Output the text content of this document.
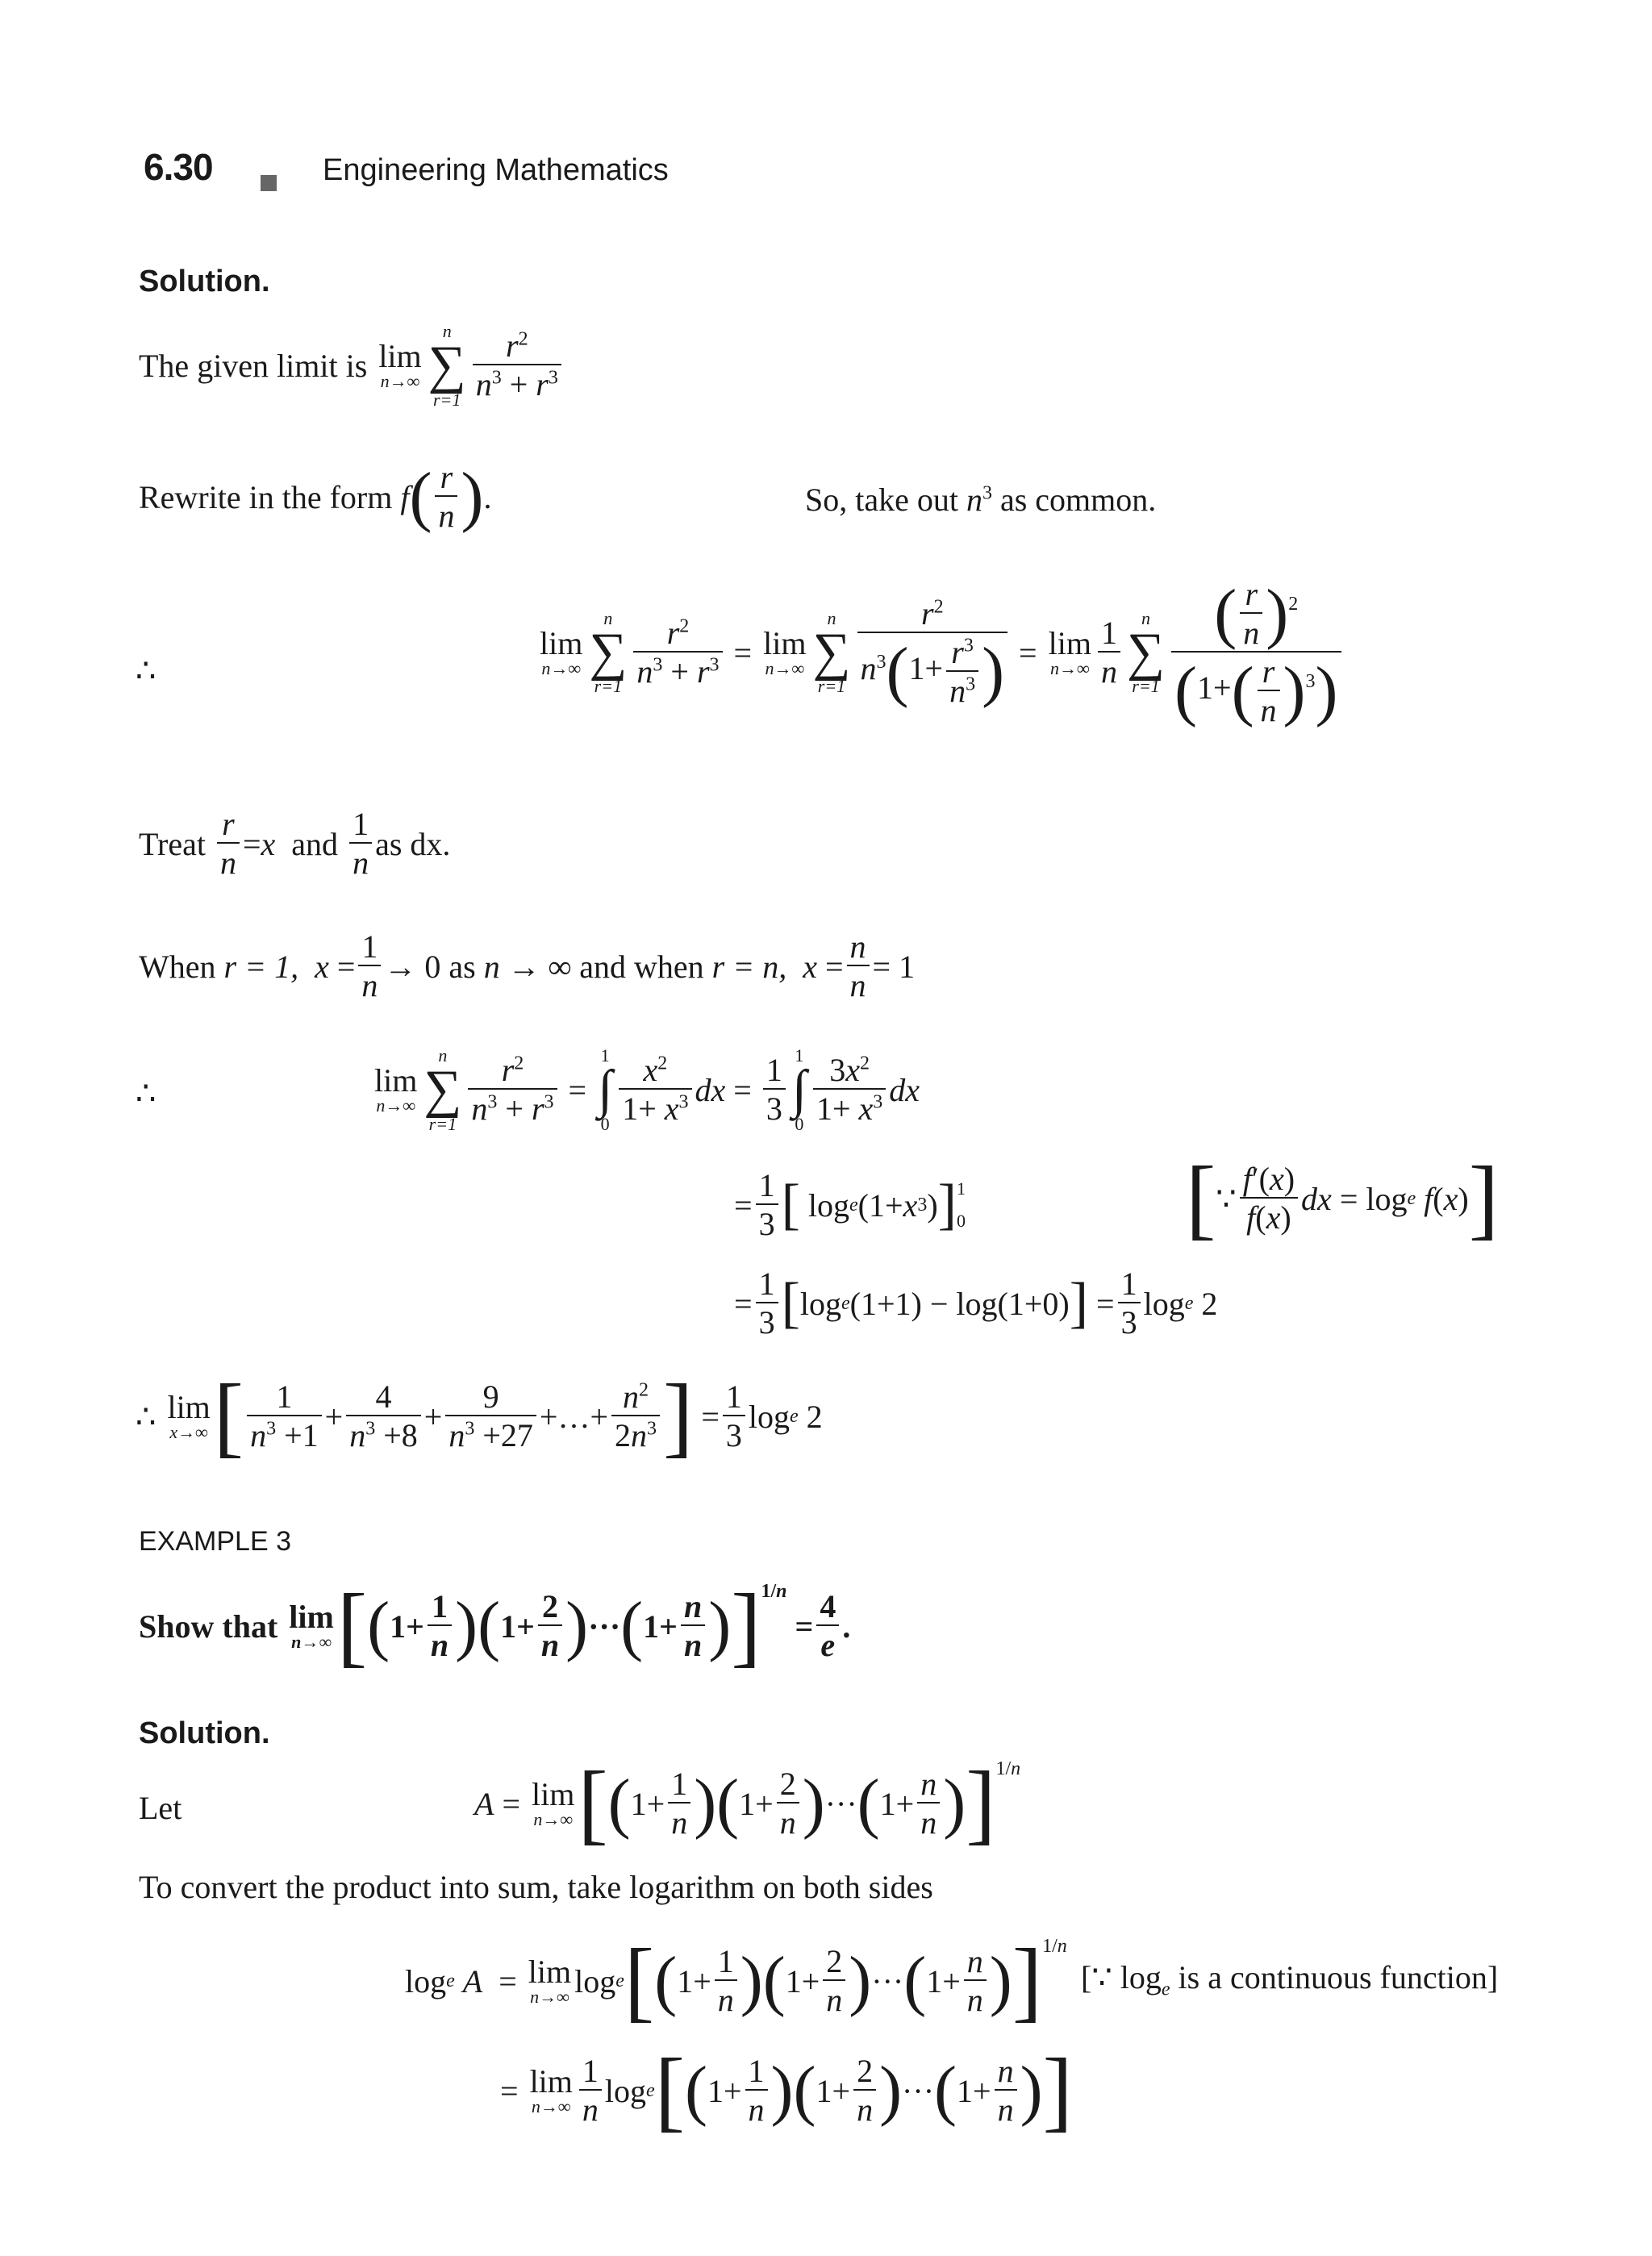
6.30	Engineering Mathematics
Solution.
The given limit is
lim
n→∞
n
∑
$r=1 \frac{r^2}{n^3 + r^3}$
Rewrite in the form
f ( $\frac{r}{n}$ ) .	So, take out $n^3$ as common.
∴
lim
n→∞
n
∑
$r=1 \frac{r^2}{n^3 + r^3} = \lim$
n→∞
n
∑
$r=1 \frac{r^2}{n^3(1+ \frac{r^3}{n^3} )} = \lim$
$n\to\infty \frac{1}{n}$	n
∑
$r=1 \frac{( \frac{r}{n} )^2}{(1+( \frac{r}{n} )^3)}$
Treat
$\frac{r}{n} = x$
and
$\frac{1}{n}$ as dx.
When
r = 1,
$x = \frac{1}{n} \to 0$ as
n → ∞
and when
r = n,
$x = \frac{n}{n} = 1$
∴	lim
n→∞
n
∑
$r=1 \frac{r^2}{n^3 + r^3}$ =
1
∫
$0 \frac{x^2}{1+ x^3}$ dx = $\frac{1}{3} 1$
∫
$0 \frac{3x^2}{1+ x^3}$ dx
= $\frac{1}{3}$ [ log e (1+ x 3 ) ] 1
0 [ ∵ $\frac{f'(x)}{f(x)}$ dx = log e
f ( x ) ]
= $\frac{1}{3}$ [ log e (1+1) − log(1+0) ] = $\frac{1}{3}$ log e 2
∴
lim
x→∞ [ $\frac{1}{n^3 +1} + \frac{4}{n^3 +8} + \frac{9}{n^3 +27}$ +…+ $\frac{n^2}{2n^3}$ ] = $\frac{1}{3}$ log e 2
EXAMPLE 3
Show that
lim
n→∞ [ ( $1+ \frac{1}{n}$ ) ( $1+ \frac{2}{n}$ ) ··· ( $1+ \frac{n}{n}$ ) ] 1/n
= $\frac{4}{e}$ .
Solution.
Let	A = lim
n→∞ [ ( $1+ \frac{1}{n}$ ) ( $1+ \frac{2}{n}$ ) ··· ( $1+ \frac{n}{n}$ ) ] 1/n
To convert the product into sum, take logarithm on both sides
log e
A = lim
n→∞ log e [ ( $1+ \frac{1}{n}$ ) ( $1+ \frac{2}{n}$ ) ··· ( $1+ \frac{n}{n}$ ) ] 1/n
[∵ $\log_e$ is a continuous function]
= lim
$n\to\infty \frac{1}{n}$ log e [ ( $1+ \frac{1}{n}$ ) ( $1+ \frac{2}{n}$ ) ··· ( $1+ \frac{n}{n}$ ) ]
